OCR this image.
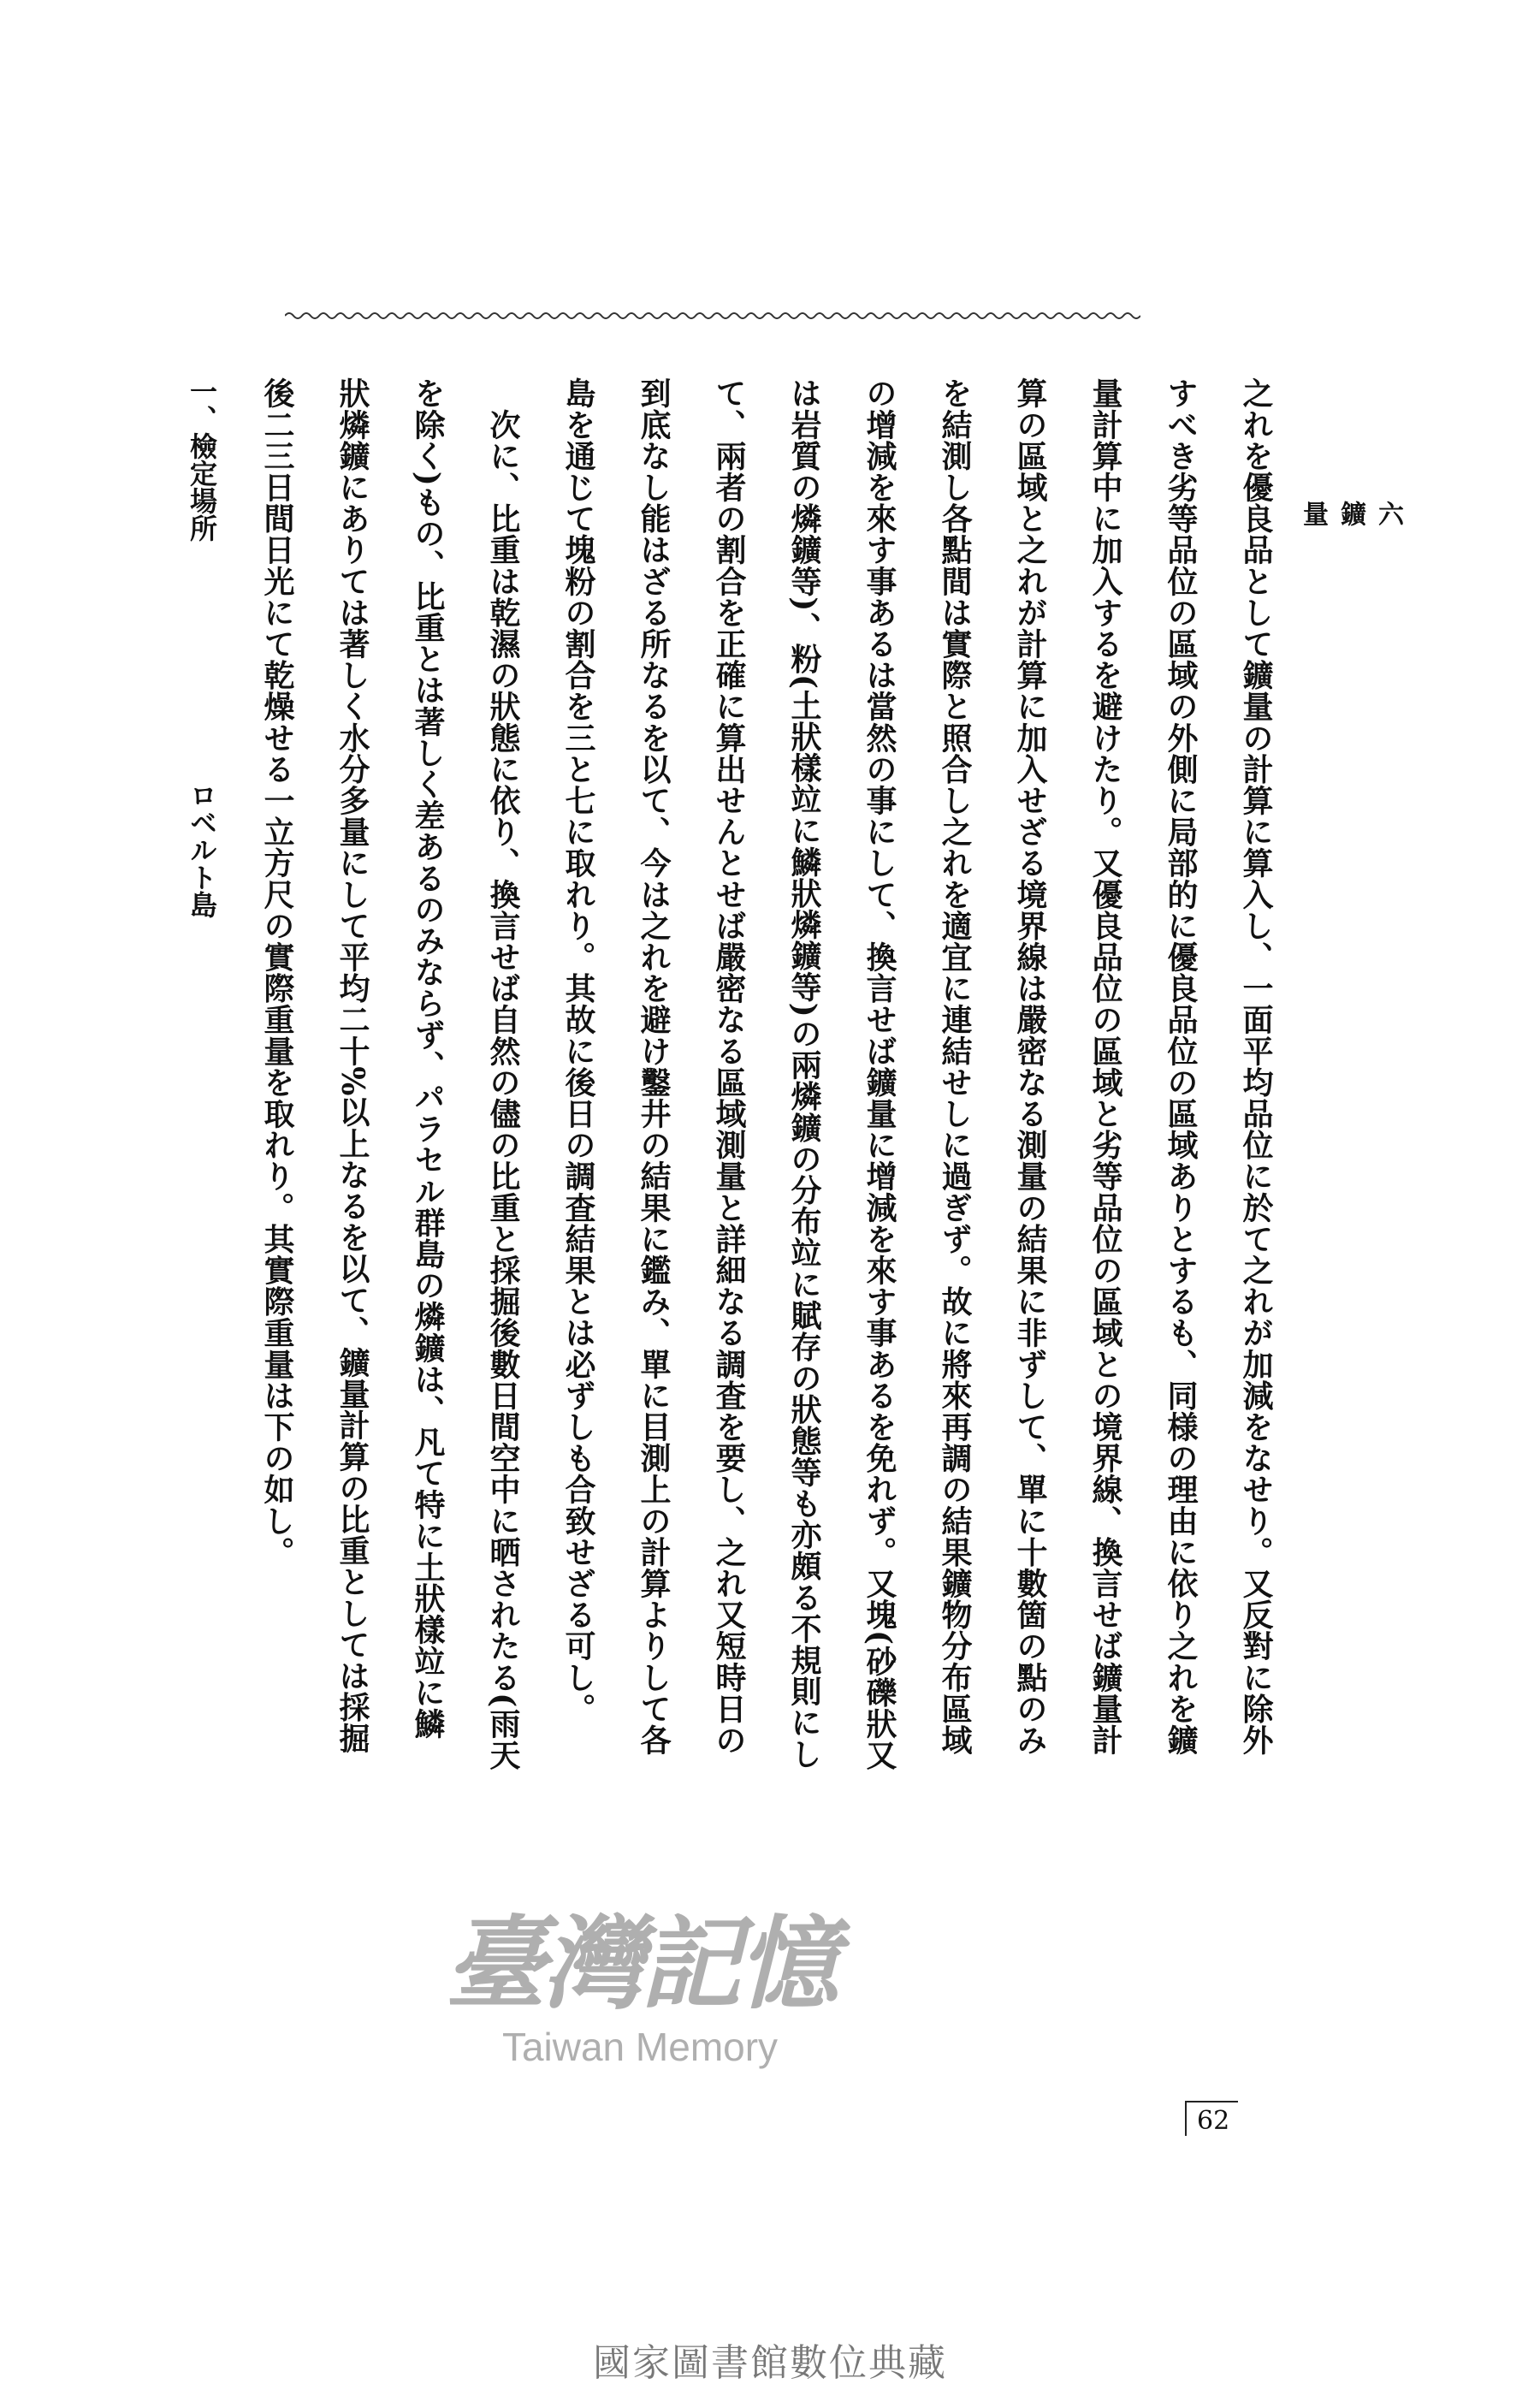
六
鑛
量

之れを優良品として鑛量の計算に算入し、一面平均品位に於て之れが加減をなせり。又反對に除外

すべき劣等品位の區域の外側に局部的に優良品位の區域ありとするも、同様の理由に依り之れを鑛

量計算中に加入するを避けたり。又優良品位の區域と劣等品位の區域との境界線、換言せば鑛量計

算の區域と之れが計算に加入せざる境界線は嚴密なる測量の結果に非ずして、單に十數箇の點のみ

を結測し各點間は實際と照合し之れを適宜に連結せしに過ぎず。故に將來再調の結果鑛物分布區域

の增減を來す事あるは當然の事にして、換言せば鑛量に增減を來す事あるを免れず。又塊(砂礫狀又

は岩質の燐鑛等)、粉(土狀樣竝に鱗狀燐鑛等)の兩燐鑛の分布竝に賦存の狀態等も亦頗る不規則にし

て、兩者の割合を正確に算出せんとせば嚴密なる區域測量と詳細なる調査を要し、之れ又短時日の

到底なし能はざる所なるを以て、今は之れを避け鑿井の結果に鑑み、單に目測上の計算よりして各

島を通じて塊粉の割合を三と七に取れり。其故に後日の調査結果とは必ずしも合致せざる可し。

　次に、比重は乾濕の狀態に依り、換言せば自然の儘の比重と採掘後數日間空中に晒されたる(雨天

を除く)もの、比重とは著しく差あるのみならず、パラセル群島の燐鑛は、凡て特に土狀樣竝に鱗

狀燐鑛にありては著しく水分多量にして平均二十%以上なるを以て、鑛量計算の比重としては採掘

後二三日間日光にて乾燥せる一立方尺の實際重量を取れり。其實際重量は下の如し。

一、檢定場所ロベルト島

62
臺灣記憶
Taiwan Memory
國家圖書館數位典藏
